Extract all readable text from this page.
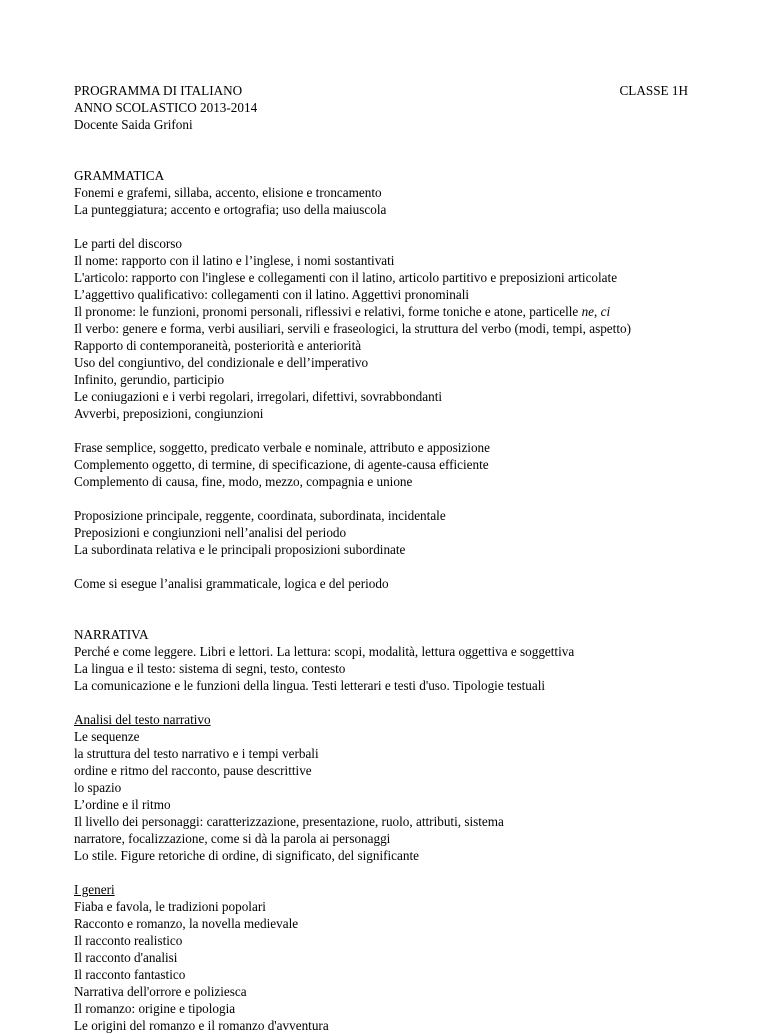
PROGRAMMA DI ITALIANO	CLASSE 1H
ANNO SCOLASTICO 2013-2014
Docente Saida Grifoni
GRAMMATICA
Fonemi e grafemi, sillaba, accento, elisione e troncamento
La punteggiatura; accento e ortografia; uso della maiuscola
Le parti del discorso
Il nome: rapporto con il latino e l’inglese, i nomi sostantivati
L'articolo: rapporto con l'inglese e collegamenti con il latino, articolo partitivo e preposizioni articolate
L’aggettivo qualificativo: collegamenti con il latino. Aggettivi pronominali
Il pronome: le funzioni, pronomi personali, riflessivi e relativi, forme toniche e atone, particelle ne, ci
Il verbo: genere e forma, verbi ausiliari, servili e fraseologici, la struttura del verbo (modi, tempi, aspetto)
Rapporto di contemporaneità, posteriorità e anteriorità
Uso del congiuntivo, del condizionale e dell’imperativo
Infinito, gerundio, participio
Le coniugazioni e i verbi regolari, irregolari, difettivi, sovrabbondanti
Avverbi, preposizioni, congiunzioni
Frase semplice, soggetto, predicato verbale e nominale, attributo e apposizione
Complemento oggetto, di termine, di specificazione, di agente-causa efficiente
Complemento di causa, fine, modo, mezzo, compagnia e unione
Proposizione principale, reggente, coordinata, subordinata, incidentale
Preposizioni e congiunzioni nell’analisi del periodo
La subordinata relativa e le principali proposizioni subordinate
Come si esegue l’analisi grammaticale, logica e del periodo
NARRATIVA
Perché e come leggere. Libri e lettori. La lettura: scopi, modalità, lettura oggettiva e soggettiva
La lingua e il testo: sistema di segni, testo, contesto
La comunicazione e le funzioni della lingua. Testi letterari e testi d'uso. Tipologie testuali
Analisi del testo narrativo
Le sequenze
la struttura del testo narrativo e i tempi verbali
ordine e ritmo del racconto, pause descrittive
lo spazio
L’ordine e il ritmo
Il livello dei personaggi: caratterizzazione, presentazione, ruolo, attributi, sistema
narratore, focalizzazione, come si dà la parola ai personaggi
Lo stile. Figure retoriche di ordine, di significato, del significante
I generi
Fiaba e favola, le tradizioni popolari
Racconto e romanzo, la novella medievale
Il racconto realistico
Il racconto d'analisi
Il racconto fantastico
Narrativa dell'orrore e poliziesca
Il romanzo: origine e tipologia
Le origini del romanzo e il romanzo d'avventura
